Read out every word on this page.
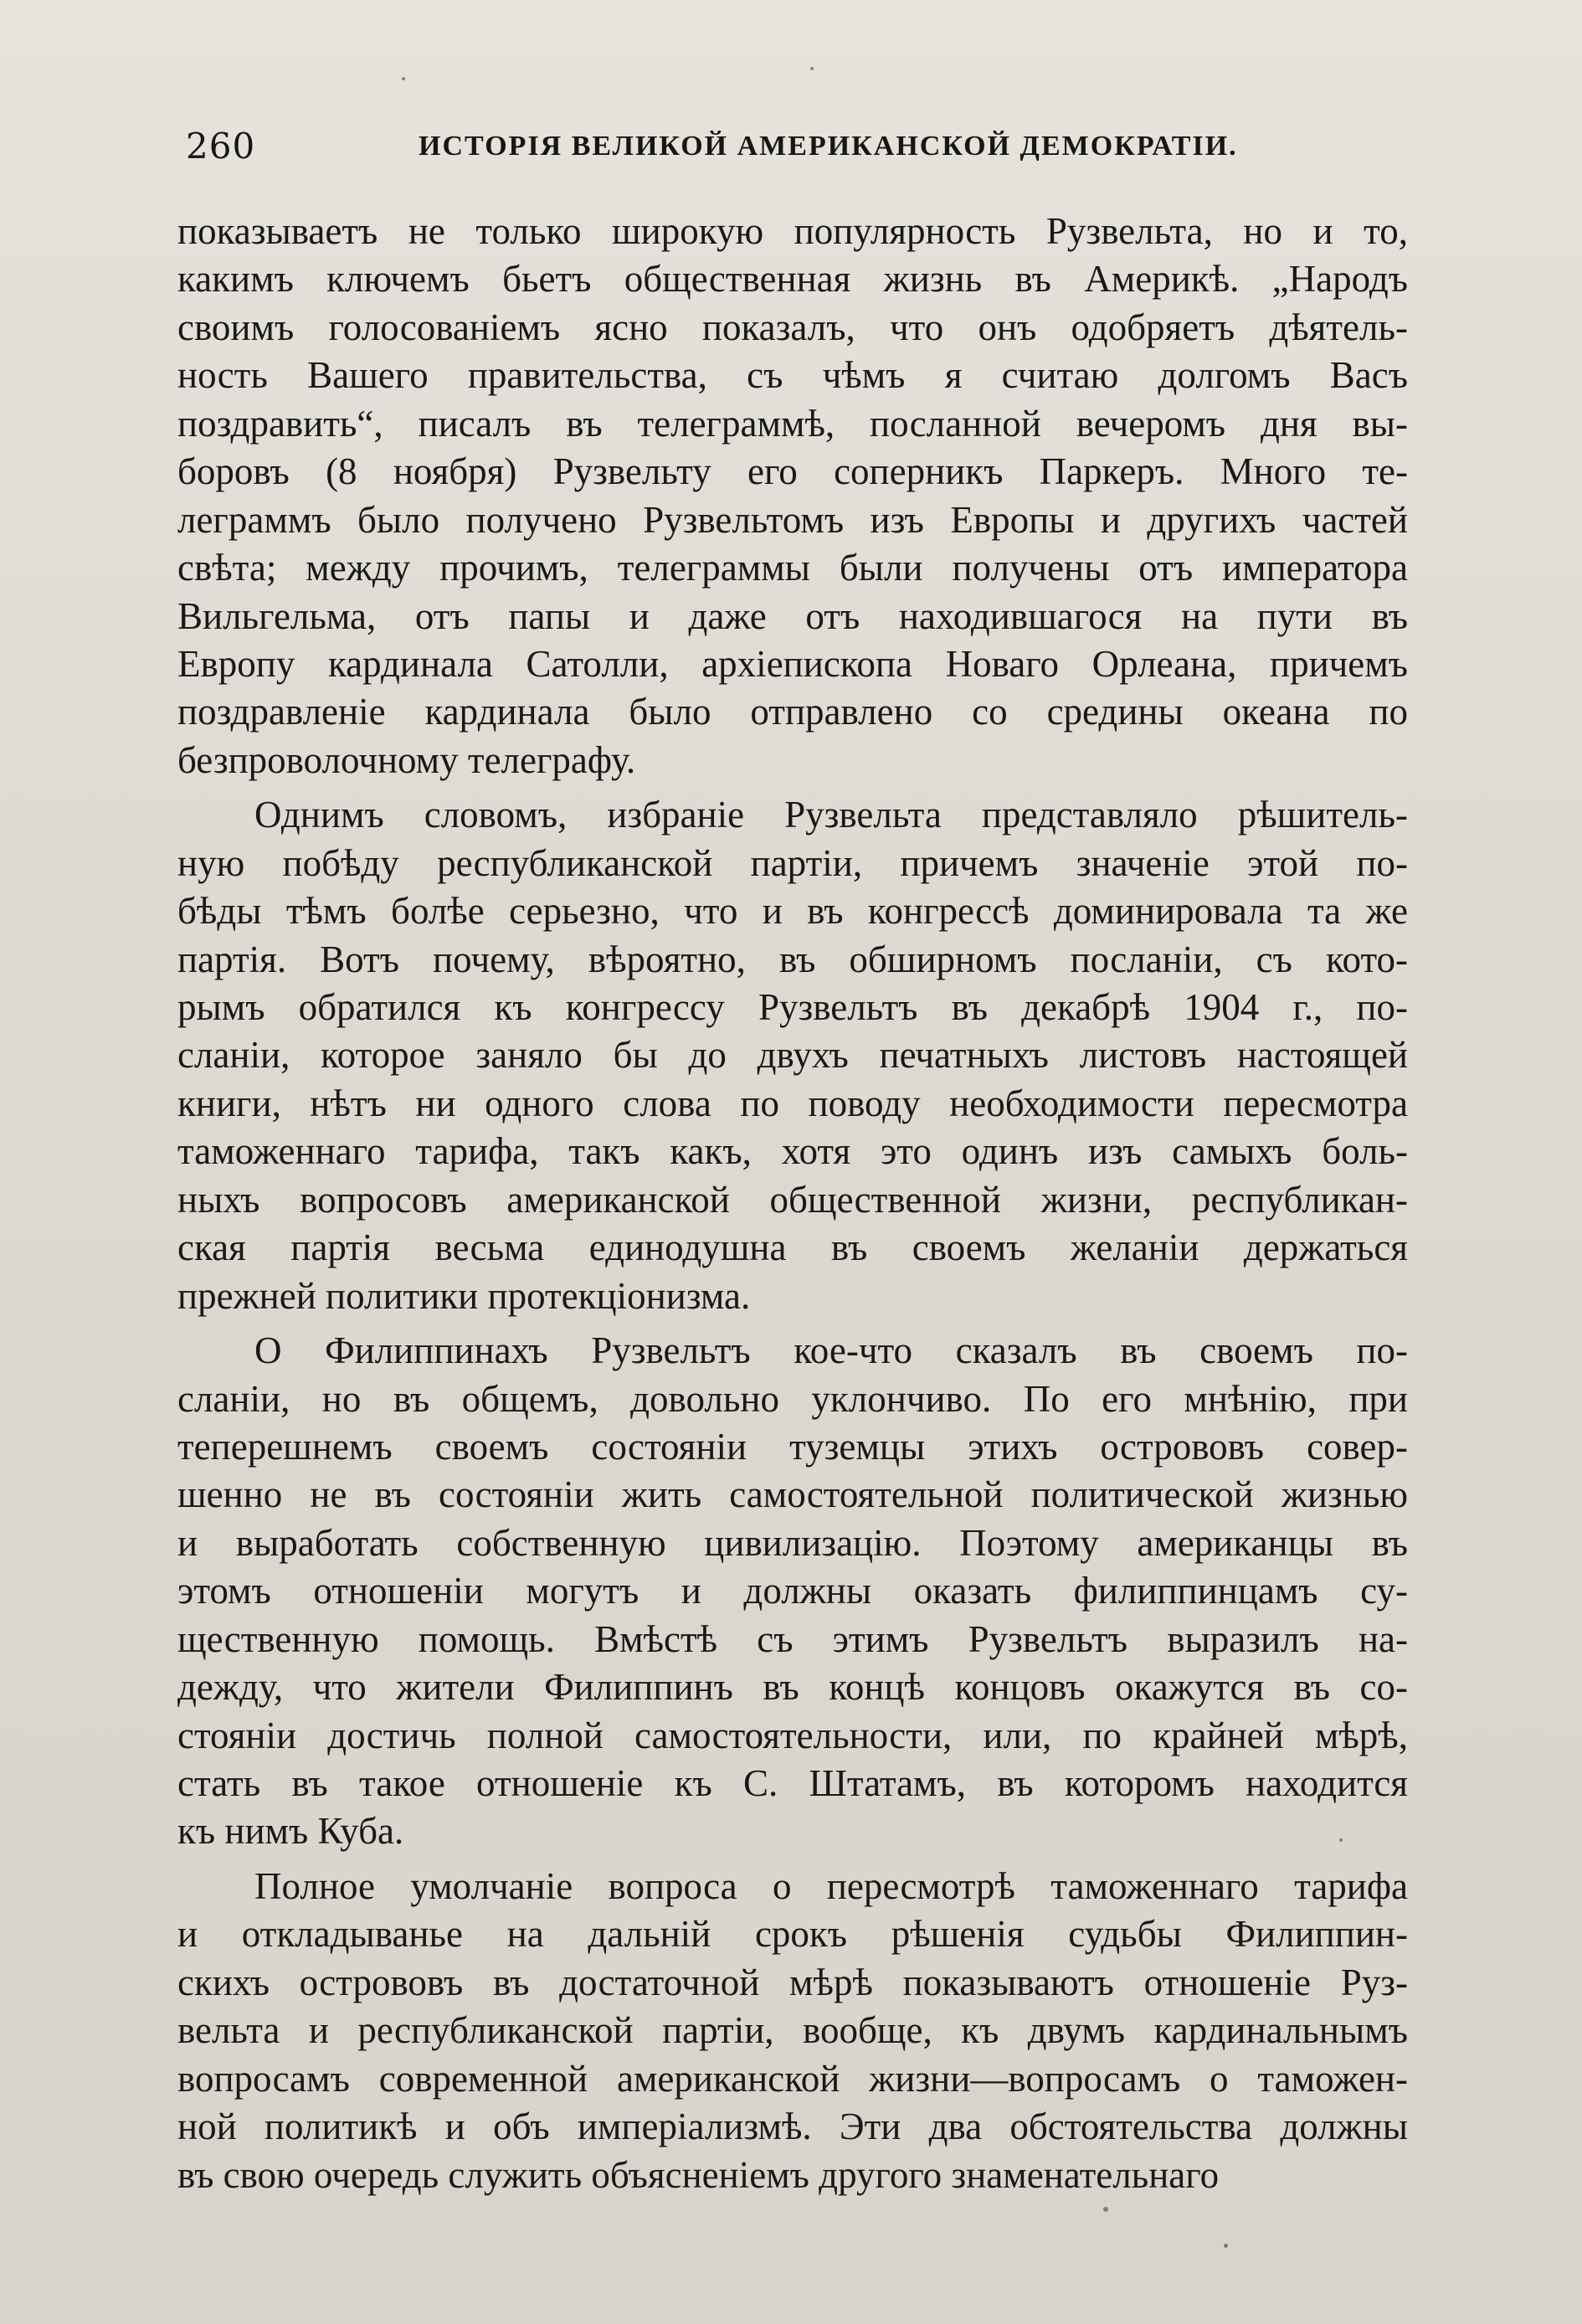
260	ИСТОРІЯ ВЕЛИКОЙ АМЕРИКАНСКОЙ ДЕМОКРАТІИ.
показываетъ не только широкую популярность Рузвельта, но и то,
какимъ ключемъ бьетъ общественная жизнь въ Америкѣ. „Народъ
своимъ голосованіемъ ясно показалъ, что онъ одобряетъ дѣятель-
ность Вашего правительства, съ чѣмъ я считаю долгомъ Васъ
поздравить“, писалъ въ телеграммѣ, посланной вечеромъ дня вы-
боровъ (8 ноября) Рузвельту его соперникъ Паркеръ. Много те-
леграммъ было получено Рузвельтомъ изъ Европы и другихъ частей
свѣта; между прочимъ, телеграммы были получены отъ императора
Вильгельма, отъ папы и даже отъ находившагося на пути въ
Европу кардинала Сатолли, архіепископа Новаго Орлеана, причемъ
поздравленіе кардинала было отправлено со средины океана по
безпроволочному телеграфу.
Однимъ словомъ, избраніе Рузвельта представляло рѣшитель-
ную побѣду республиканской партіи, причемъ значеніе этой по-
бѣды тѣмъ болѣе серьезно, что и въ конгрессѣ доминировала та же
партія. Вотъ почему, вѣроятно, въ обширномъ посланіи, съ кото-
рымъ обратился къ конгрессу Рузвельтъ въ декабрѣ 1904 г., по-
сланіи, которое заняло бы до двухъ печатныхъ листовъ настоящей
книги, нѣтъ ни одного слова по поводу необходимости пересмотра
таможеннаго тарифа, такъ какъ, хотя это одинъ изъ самыхъ боль-
ныхъ вопросовъ американской общественной жизни, республикан-
ская партія весьма единодушна въ своемъ желаніи держаться
прежней политики протекціонизма.
О Филиппинахъ Рузвельтъ кое-что сказалъ въ своемъ по-
сланіи, но въ общемъ, довольно уклончиво. По его мнѣнію, при
теперешнемъ своемъ состояніи туземцы этихъ острововъ совер-
шенно не въ состояніи жить самостоятельной политической жизнью
и выработать собственную цивилизацію. Поэтому американцы въ
этомъ отношеніи могутъ и должны оказать филиппинцамъ су-
щественную помощь. Вмѣстѣ съ этимъ Рузвельтъ выразилъ на-
дежду, что жители Филиппинъ въ концѣ концовъ окажутся въ со-
стояніи достичь полной самостоятельности, или, по крайней мѣрѣ,
стать въ такое отношеніе къ С. Штатамъ, въ которомъ находится
къ нимъ Куба.
Полное умолчаніе вопроса о пересмотрѣ таможеннаго тарифа
и откладыванье на дальній срокъ рѣшенія судьбы Филиппин-
скихъ острововъ въ достаточной мѣрѣ показываютъ отношеніе Руз-
вельта и республиканской партіи, вообще, къ двумъ кардинальнымъ
вопросамъ современной американской жизни—вопросамъ о таможен-
ной политикѣ и объ имперіализмѣ. Эти два обстоятельства должны
въ свою очередь служить объясненіемъ другого знаменательнаго
